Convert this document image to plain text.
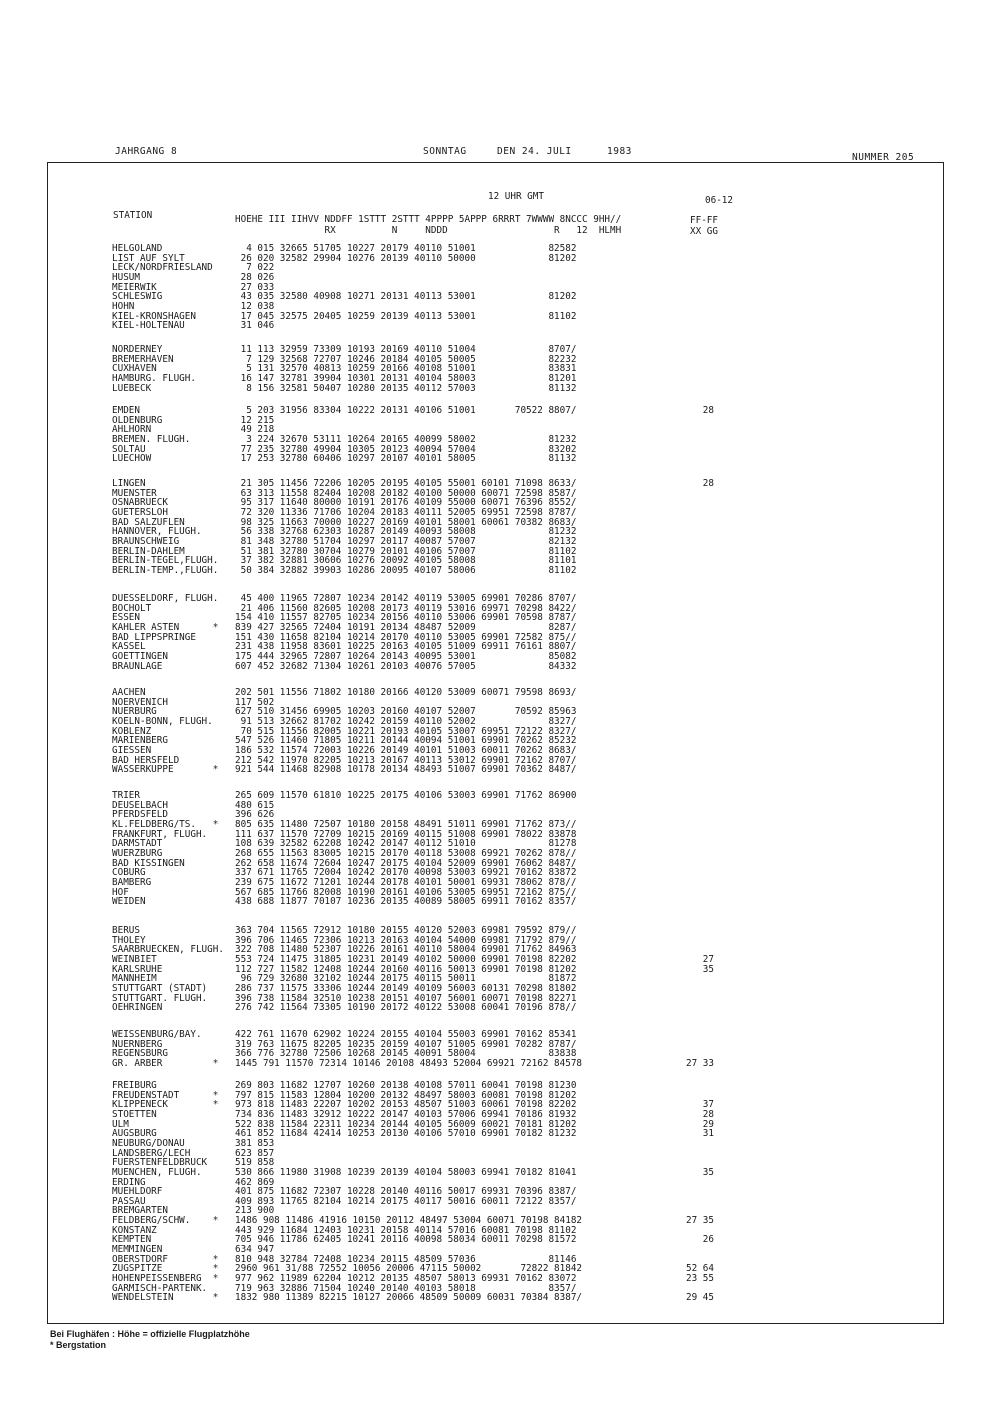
JAHRGANG 8	SONNTAG	DEN 24. JULI	1983
NUMMER 205
12 UHR GMT	06-12
STATION	HOEHE III IIHVV NDDFF 1STTT 2STTT 4PPPP 5APPP 6RRRT 7WWWW 8NCCC 9HH//
RX          N     NDDD                   R   12  HLMH
FF-FF
XX GG
HELGOLAND	4 015 32665 51705 10227 20179 40110 51001             82582
LIST AUF SYLT	26 020 32582 29904 10276 20139 40110 50000             81202
LECK/NORDFRIESLAND 7 022
HUSUM	28 026
MEIERWIK	27 033
SCHLESWIG	43 035 32580 40908 10271 20131 40113 53001             81202
HOHN	12 038
KIEL-KRONSHAGEN	17 045 32575 20405 10259 20139 40113 53001             81102
KIEL-HOLTENAU	31 046
NORDERNEY	11 113 32959 73309 10193 20169 40110 51004             8707/
BREMERHAVEN	7 129 32568 72707 10246 20184 40105 50005             82232
CUXHAVEN	5 131 32570 40813 10259 20166 40108 51001             83831
HAMBURG. FLUGH.	16 147 32781 39904 10301 20131 40104 58003             81201
LUEBECK	8 156 32581 50407 10280 20135 40112 57003             81132
EMDEN	5 203 31956 83304 10222 20131 40106 51001       70522 8807/	28
OLDENBURG	12 215
AHLHORN	49 218
BREMEN. FLUGH.	3 224 32670 53111 10264 20165 40099 58002             81232
SOLTAU	77 235 32780 49904 10305 20123 40094 57004             83202
LUECHOW	17 253 32780 60406 10297 20107 40101 58005             81132
LINGEN	21 305 11456 72206 10205 20195 40105 55001 60101 71098 8633/	28
MUENSTER	63 313 11558 82404 10208 20182 40100 50000 60071 72598 8587/
OSNABRUECK	95 317 11640 80000 10191 20176 40109 55000 60071 76396 8552/
GUETERSLOH	72 320 11336 71706 10204 20183 40111 52005 69951 72598 8787/
BAD SALZUFLEN	98 325 11663 70000 10227 20169 40101 58001 60061 70382 8683/
HANNOVER, FLUGH.	56 338 32768 62303 10287 20149 40093 58008             81232
BRAUNSCHWEIG	81 348 32780 51704 10297 20117 40087 57007             82132
BERLIN-DAHLEM	51 381 32780 30704 10279 20101 40106 57007             81102
BERLIN-TEGEL,FLUGH. 37 382 32881 30606 10276 20092 40105 58008             81101
BERLIN-TEMP.,FLUGH. 50 384 32882 39903 10286 20095 40107 58006             81102
DUESSELDORF, FLUGH. 45 400 11965 72807 10234 20142 40119 53005 69901 70286 8707/
BOCHOLT	21 406 11560 82605 10208 20173 40119 53016 69971 70298 8422/
ESSEN	154 410 11557 82705 10234 20156 40110 53006 69901 70598 8787/
KAHLER ASTEN      * 839 427 32565 72404 10191 20134 48487 52009             8287/
BAD LIPPSPRINGE	151 430 11658 82104 10214 20170 40110 53005 69901 72582 875//
KASSEL	231 438 11958 83601 10225 20163 40105 51009 69911 76161 8807/
GOETTINGEN	175 444 32965 72807 10264 20143 40095 53001             85082
BRAUNLAGE	607 452 32682 71304 10261 20103 40076 57005             84332
AACHEN	202 501 11556 71802 10180 20166 40120 53009 60071 79598 8693/
NOERVENICH	117 502
NUERBURG	627 510 31456 69905 10203 20160 40107 52007       70592 85963
KOELN-BONN, FLUGH. 91 513 32662 81702 10242 20159 40110 52002             8327/
KOBLENZ	70 515 11556 82005 10221 20193 40105 53007 69951 72122 8327/
MARIENBERG	547 526 11460 71805 10211 20144 40094 51001 69901 70262 85232
GIESSEN	186 532 11574 72003 10226 20149 40101 51003 60011 70262 8683/
BAD HERSFELD	212 542 11970 82205 10213 20167 40113 53012 69901 72162 8707/
WASSERKUPPE       * 921 544 11468 82908 10178 20134 48493 51007 69901 70362 8487/
TRIER	265 609 11570 61810 10225 20175 40106 53003 69901 71762 86900
DEUSELBACH	480 615
PFERDSFELD	396 626
KL.FELDBERG/TS.   * 805 635 11480 72507 10180 20158 48491 51011 69901 71762 873//
FRANKFURT, FLUGH.	111 637 11570 72709 10215 20169 40115 51008 69901 78022 83878
DARMSTADT	108 639 32582 62208 10242 20147 40112 51010             81278
WUERZBURG	268 655 11563 83005 10215 20170 40118 53008 69921 70262 878//
BAD KISSINGEN	262 658 11674 72604 10247 20175 40104 52009 69901 76062 8487/
COBURG	337 671 11765 72004 10242 20170 40098 53003 69921 70162 83872
BAMBERG	239 675 11672 71201 10244 20178 40101 50001 69931 78062 878//
HOF	567 685 11766 82008 10190 20161 40106 53005 69951 72162 875//
WEIDEN	438 688 11877 70107 10236 20135 40089 58005 69911 70162 8357/
BERUS	363 704 11565 72912 10180 20155 40120 52003 69981 79592 879//
THOLEY	396 706 11465 72306 10213 20163 40104 54000 69981 71792 879//
SAARBRUECKEN, FLUGH. 322 708 11480 52307 10226 20161 40110 58004 69901 71762 84963
WEINBIET	553 724 11475 31805 10231 20149 40102 50000 69901 70198 82202	27
KARLSRUHE	112 727 11582 12408 10244 20160 40116 50013 69901 70198 81202	35
MANNHEIM	96 729 32680 32102 10244 20175 40115 50011             81872
STUTTGART (STADT)	286 737 11575 33306 10244 20149 40109 56003 60131 70298 81802
STUTTGART. FLUGH.	396 738 11584 32510 10238 20151 40107 56001 60071 70198 82271
OEHRINGEN	276 742 11564 73305 10190 20172 40122 53008 60041 70196 878//
WEISSENBURG/BAY.	422 761 11670 62902 10224 20155 40104 55003 69901 70162 85341
NUERNBERG	319 763 11675 82205 10235 20159 40107 51005 69901 70282 8787/
REGENSBURG	366 776 32780 72506 10268 20145 40091 58004             83838
GR. ARBER         * 1445 791 11570 72314 10146 20108 48493 52004 69921 72162 84578	27 33
FREIBURG	269 803 11682 12707 10260 20138 40108 57011 60041 70198 81230
FREUDENSTADT      * 797 815 11583 12804 10200 20132 48497 58003 60081 70198 81202
KLIPPENECK        * 973 818 11483 22207 10202 20153 48507 51003 60061 70198 82202	37
STOETTEN	734 836 11483 32912 10222 20147 40103 57006 69941 70186 81932	28
ULM	522 838 11584 22311 10234 20144 40105 56009 60021 70181 81202	29
AUGSBURG	461 852 11684 42414 10253 20130 40106 57010 69901 70182 81232	31
NEUBURG/DONAU	381 853
LANDSBERG/LECH	623 857
FUERSTENFELDBRUCK	519 858
MUENCHEN, FLUGH.	530 866 11980 31908 10239 20139 40104 58003 69941 70182 81041	35
ERDING	462 869
MUEHLDORF	401 875 11682 72307 10228 20140 40116 50017 69931 70396 8387/
PASSAU	409 893 11765 82104 10214 20175 40117 50016 60011 72122 8357/
BREMGARTEN	213 900
FELDBERG/SCHW.    * 1486 908 11486 41916 10150 20112 48497 53004 60071 70198 84182	27 35
KONSTANZ	443 929 11684 12403 10231 20158 40114 57016 60081 70198 81102
KEMPTEN	705 946 11786 62405 10241 20116 40098 58034 60011 70298 81572	26
MEMMINGEN	634 947
OBERSTDORF        * 810 948 32784 72408 10234 20115 48509 57036             81146
ZUGSPITZE         * 2960 961 31/88 72552 10056 20006 47115 50002       72822 81842	52 64
HOHENPEISSENBERG  * 977 962 11989 62204 10212 20135 48507 58013 69931 70162 83072	23 55
GARMISCH-PARTENK.	719 963 32886 71504 10240 20140 40103 58018             8357/
WENDELSTEIN       * 1832 980 11389 82215 10127 20066 48509 50009 60031 70384 8387/	29 45
Bei Flughäfen : Höhe = offizielle Flugplatzhöhe
* Bergstation
